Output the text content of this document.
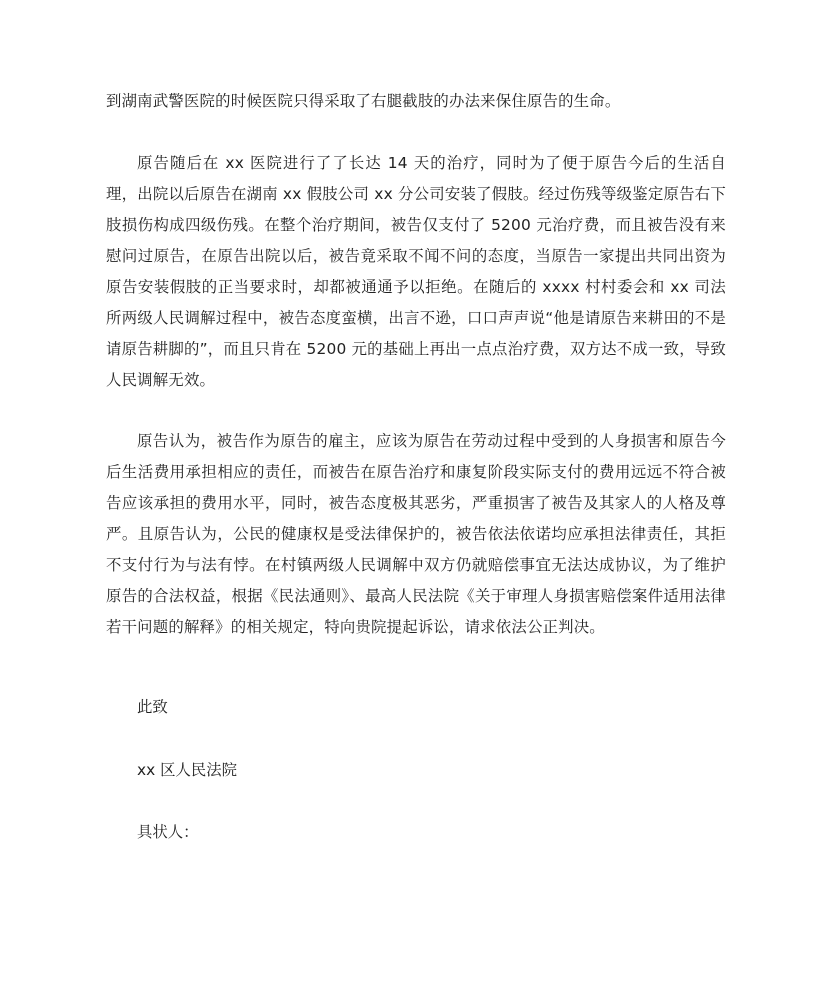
到湖南武警医院的时候医院只得采取了右腿截肢的办法来保住原告的生命。

原告随后在 xx 医院进行了了长达 14 天的治疗，同时为了便于原告今后的生活自理，出院以后原告在湖南 xx 假肢公司 xx 分公司安装了假肢。经过伤残等级鉴定原告右下肢损伤构成四级伤残。在整个治疗期间，被告仅支付了 5200 元治疗费，而且被告没有来慰问过原告，在原告出院以后，被告竟采取不闻不问的态度，当原告一家提出共同出资为原告安装假肢的正当要求时，却都被通通予以拒绝。在随后的 xxxx 村村委会和 xx 司法所两级人民调解过程中，被告态度蛮横，出言不逊，口口声声说“他是请原告来耕田的不是请原告耕脚的”，而且只肯在 5200 元的基础上再出一点点治疗费，双方达不成一致，导致人民调解无效。

原告认为，被告作为原告的雇主，应该为原告在劳动过程中受到的人身损害和原告今后生活费用承担相应的责任，而被告在原告治疗和康复阶段实际支付的费用远远不符合被告应该承担的费用水平，同时，被告态度极其恶劣，严重损害了被告及其家人的人格及尊严。且原告认为，公民的健康权是受法律保护的，被告依法依诺均应承担法律责任，其拒不支付行为与法有悖。在村镇两级人民调解中双方仍就赔偿事宜无法达成协议，为了维护原告的合法权益，根据《民法通则》、最高人民法院《关于审理人身损害赔偿案件适用法律若干问题的解释》的相关规定，特向贵院提起诉讼，请求依法公正判决。

此致

xx 区人民法院

具状人：
